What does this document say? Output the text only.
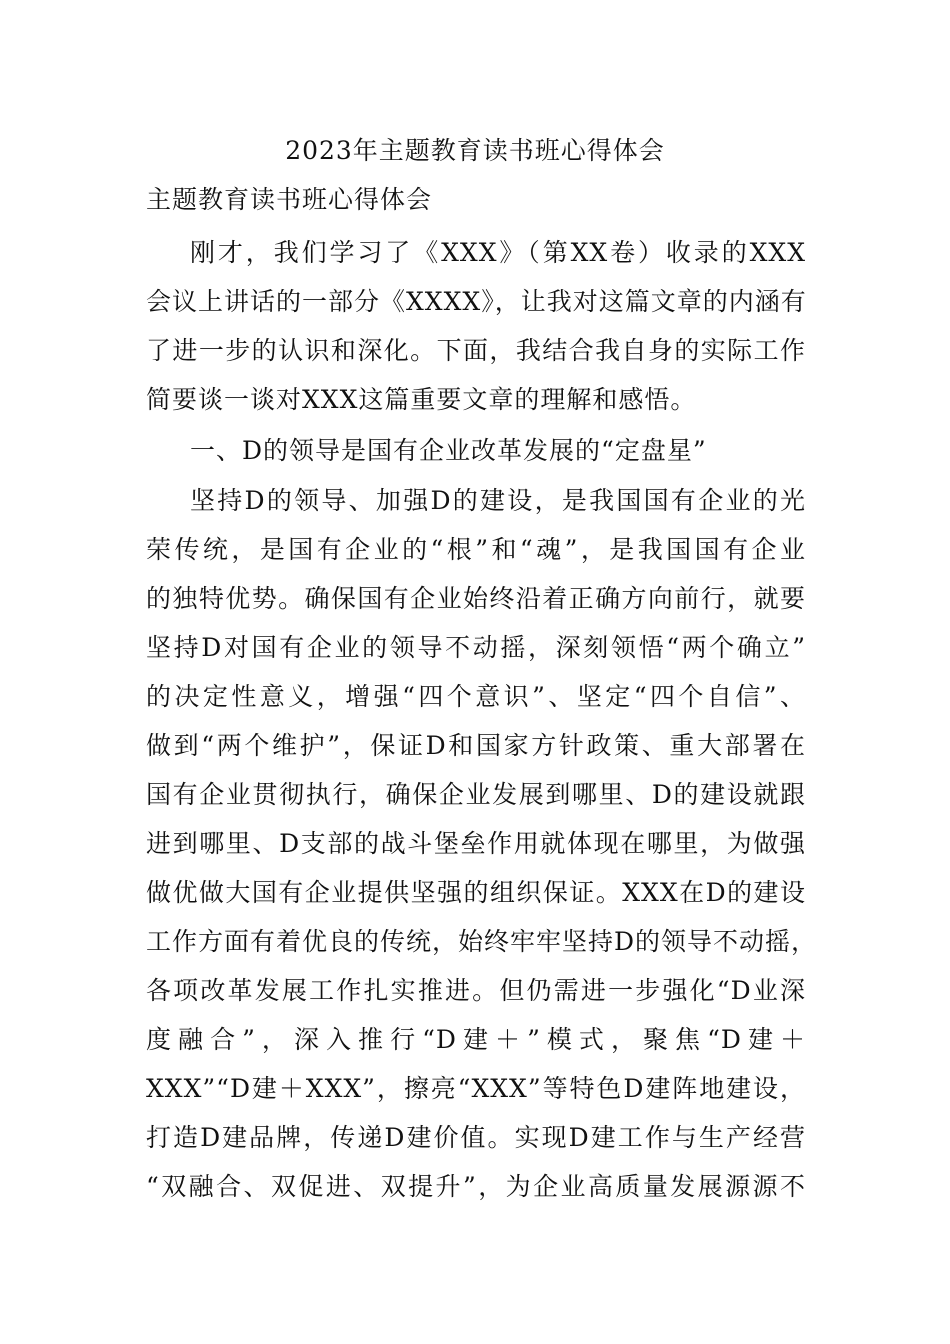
2023年主题教育读书班心得体会

主题教育读书班心得体会

刚才，我们学习了《XXX》（第XX卷）收录的XXX
会议上讲话的一部分《XXXX》，让我对这篇文章的内涵有
了进一步的认识和深化。下面，我结合我自身的实际工作
简要谈一谈对XXX这篇重要文章的理解和感悟。
一、D的领导是国有企业改革发展的“定盘星”
坚持D的领导、加强D的建设，是我国国有企业的光
荣传统，是国有企业的“根”和“魂”，是我国国有企业
的独特优势。确保国有企业始终沿着正确方向前行，就要
坚持D对国有企业的领导不动摇，深刻领悟“两个确立”
的决定性意义，增强“四个意识”、坚定“四个自信”、
做到“两个维护”，保证D和国家方针政策、重大部署在
国有企业贯彻执行，确保企业发展到哪里、D的建设就跟
进到哪里、D支部的战斗堡垒作用就体现在哪里，为做强
做优做大国有企业提供坚强的组织保证。XXX在D的建设
工作方面有着优良的传统，始终牢牢坚持D的领导不动摇，
各项改革发展工作扎实推进。但仍需进一步强化“D业深
度融合”，深入推行“D建＋”模式，聚焦“D建＋
XXX”“D建＋XXX”，擦亮“XXX”等特色D建阵地建设，
打造D建品牌，传递D建价值。实现D建工作与生产经营
“双融合、双促进、双提升”，为企业高质量发展源源不
